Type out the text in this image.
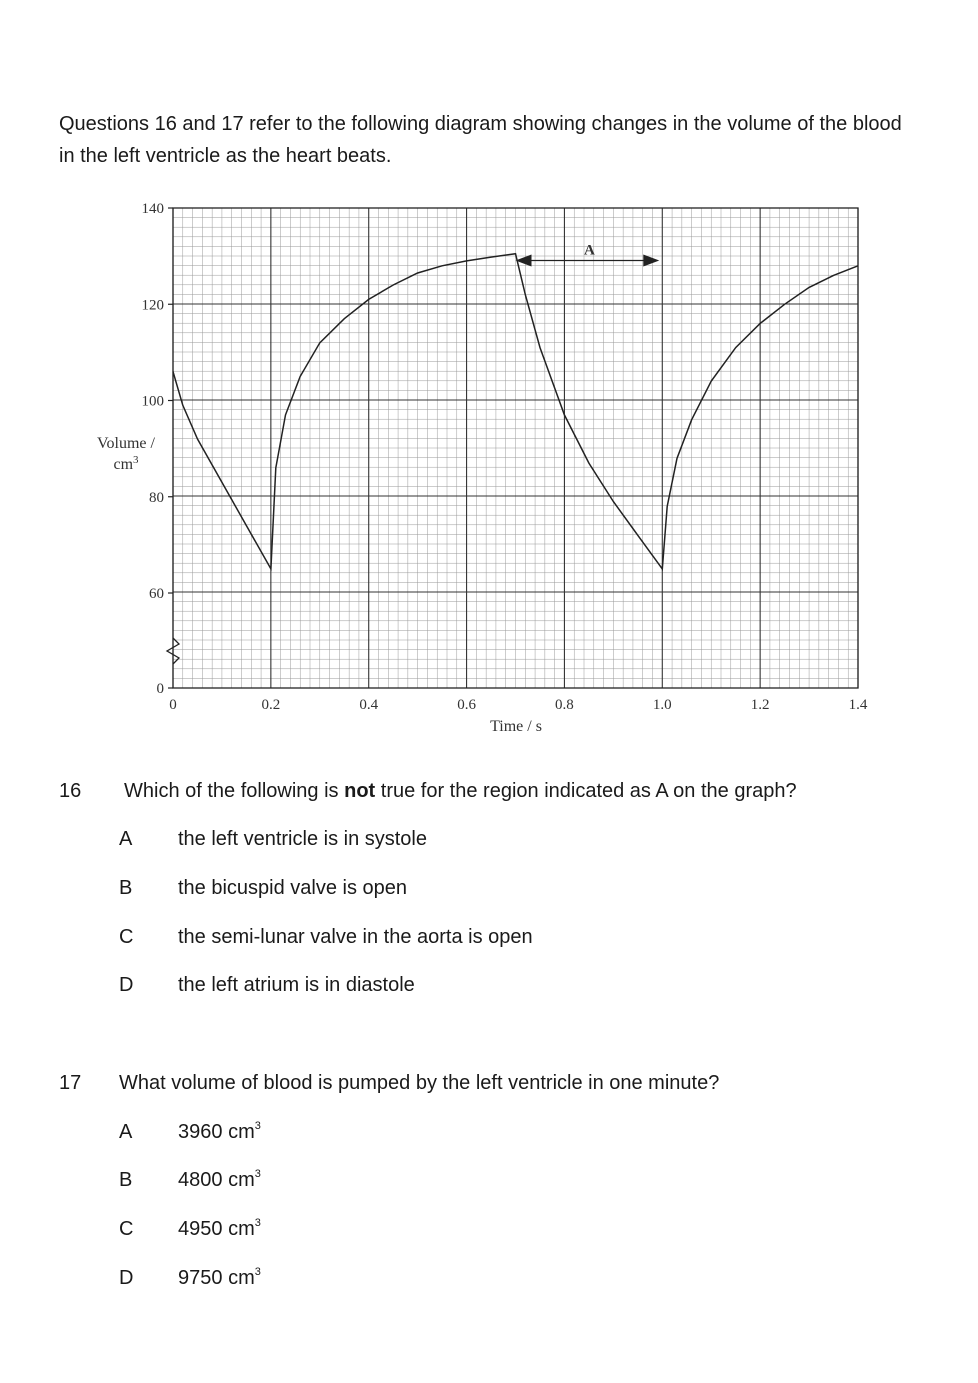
Questions 16 and 17 refer to the following diagram showing changes in the volume of the blood in the left ventricle as the heart beats.

0
60
80
100
120
140
0	0.2	0.4	0.6	0.8	1.0	1.2	1.4
A
Volume /
$cm^3$
Time / s
16 Which of the following is not true for the region indicated as A on the graph?
A the left ventricle is in systole
B the bicuspid valve is open
C the semi-lunar valve in the aorta is open
D the left atrium is in diastole
17 What volume of blood is pumped by the left ventricle in one minute?
A 3960 $cm^3$
B 4800 $cm^3$
C 4950 $cm^3$
D 9750 $cm^3$
